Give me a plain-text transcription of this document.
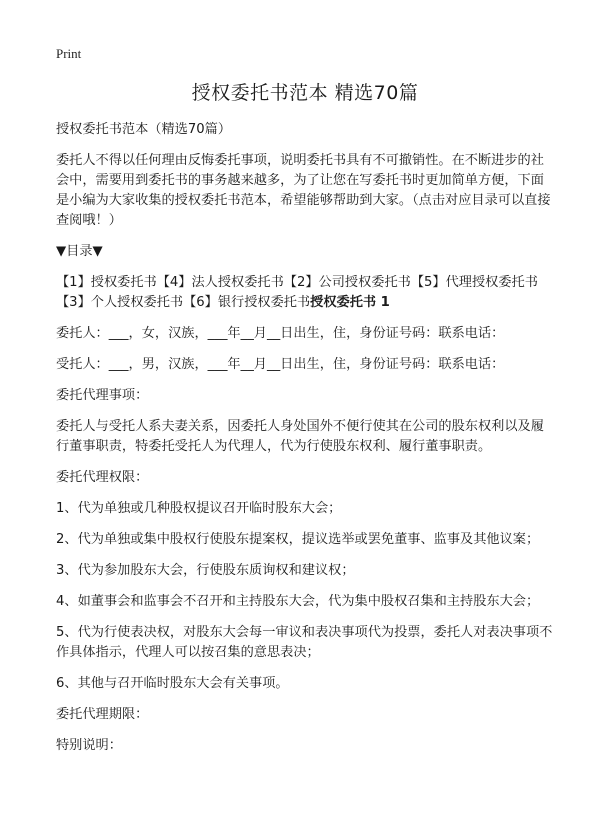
Print
授权委托书范本 精选70篇

授权委托书范本（精选70篇）

委托人不得以任何理由反悔委托事项，说明委托书具有不可撤销性。在不断进步的社会中，需要用到委托书的事务越来越多，为了让您在写委托书时更加简单方便，下面是小编为大家收集的授权委托书范本，希望能够帮助到大家。（点击对应目录可以直接查阅哦！）

▼目录▼

【1】授权委托书【4】法人授权委托书【2】公司授权委托书【5】代理授权委托书

【3】个人授权委托书【6】银行授权委托书授权委托书 1

委托人：___，女，汉族，___年__月__日出生，住，身份证号码：联系电话：

受托人：___，男，汉族，___年__月__日出生，住，身份证号码：联系电话：

委托代理事项：

委托人与受托人系夫妻关系，因委托人身处国外不便行使其在公司的股东权利以及履行董事职责，特委托受托人为代理人，代为行使股东权利、履行董事职责。

委托代理权限：

1、代为单独或几种股权提议召开临时股东大会；

2、代为单独或集中股权行使股东提案权，提议选举或罢免董事、监事及其他议案；

3、代为参加股东大会，行使股东质询权和建议权；

4、如董事会和监事会不召开和主持股东大会，代为集中股权召集和主持股东大会；

5、代为行使表决权，对股东大会每一审议和表决事项代为投票，委托人对表决事项不作具体指示，代理人可以按召集的意思表决；

6、其他与召开临时股东大会有关事项。

委托代理期限：

特别说明：
